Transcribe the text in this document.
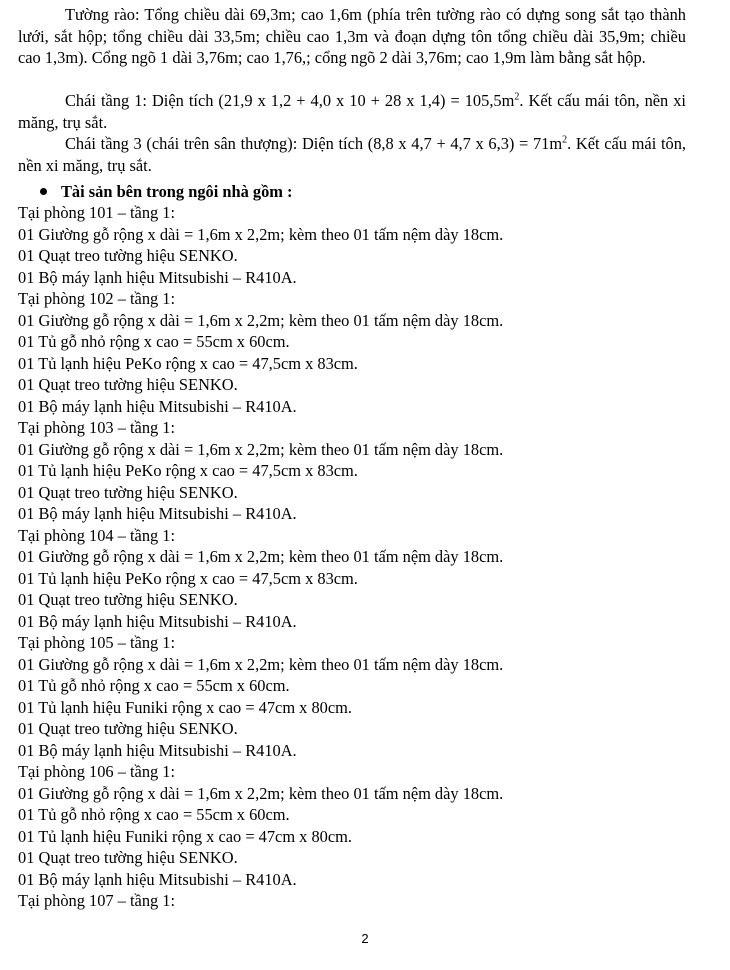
Tường rào: Tổng chiều dài 69,3m; cao 1,6m (phía trên tường rào có dựng song sắt tạo thành lưới, sắt hộp; tổng chiều dài 33,5m; chiều cao 1,3m và đoạn dựng tôn tổng chiều dài 35,9m; chiều cao 1,3m). Cổng ngõ 1 dài 3,76m; cao 1,76,; cổng ngõ 2 dài 3,76m; cao 1,9m làm bằng sắt hộp.

Chái tầng 1: Diện tích (21,9 x 1,2 + 4,0 x 10 + 28 x $1,4) = 105,5m^2$. Kết cấu mái tôn, nền xi măng, trụ sắt.

Chái tầng 3 (chái trên sân thượng): Diện tích (8,8 x 4,7 + 4,7 x $6,3) = 71m^2$. Kết cấu mái tôn, nền xi măng, trụ sắt.

Tài sản bên trong ngôi nhà gồm :
Tại phòng 101 – tầng 1:
01 Giường gỗ rộng x dài = 1,6m x 2,2m; kèm theo 01 tấm nệm dày 18cm.
01 Quạt treo tường hiệu SENKO.
01 Bộ máy lạnh hiệu Mitsubishi – R410A.
Tại phòng 102 – tầng 1:
01 Giường gỗ rộng x dài = 1,6m x 2,2m; kèm theo 01 tấm nệm dày 18cm.
01 Tủ gỗ nhỏ rộng x cao = 55cm x 60cm.
01 Tủ lạnh hiệu PeKo rộng x cao = 47,5cm x 83cm.
01 Quạt treo tường hiệu SENKO.
01 Bộ máy lạnh hiệu Mitsubishi – R410A.
Tại phòng 103 – tầng 1:
01 Giường gỗ rộng x dài = 1,6m x 2,2m; kèm theo 01 tấm nệm dày 18cm.
01 Tủ lạnh hiệu PeKo rộng x cao = 47,5cm x 83cm.
01 Quạt treo tường hiệu SENKO.
01 Bộ máy lạnh hiệu Mitsubishi – R410A.
Tại phòng 104 – tầng 1:
01 Giường gỗ rộng x dài = 1,6m x 2,2m; kèm theo 01 tấm nệm dày 18cm.
01 Tủ lạnh hiệu PeKo rộng x cao = 47,5cm x 83cm.
01 Quạt treo tường hiệu SENKO.
01 Bộ máy lạnh hiệu Mitsubishi – R410A.
Tại phòng 105 – tầng 1:
01 Giường gỗ rộng x dài = 1,6m x 2,2m; kèm theo 01 tấm nệm dày 18cm.
01 Tủ gỗ nhỏ rộng x cao = 55cm x 60cm.
01 Tủ lạnh hiệu Funiki rộng x cao = 47cm x 80cm.
01 Quạt treo tường hiệu SENKO.
01 Bộ máy lạnh hiệu Mitsubishi – R410A.
Tại phòng 106 – tầng 1:
01 Giường gỗ rộng x dài = 1,6m x 2,2m; kèm theo 01 tấm nệm dày 18cm.
01 Tủ gỗ nhỏ rộng x cao = 55cm x 60cm.
01 Tủ lạnh hiệu Funiki rộng x cao = 47cm x 80cm.
01 Quạt treo tường hiệu SENKO.
01 Bộ máy lạnh hiệu Mitsubishi – R410A.
Tại phòng 107 – tầng 1:
2
